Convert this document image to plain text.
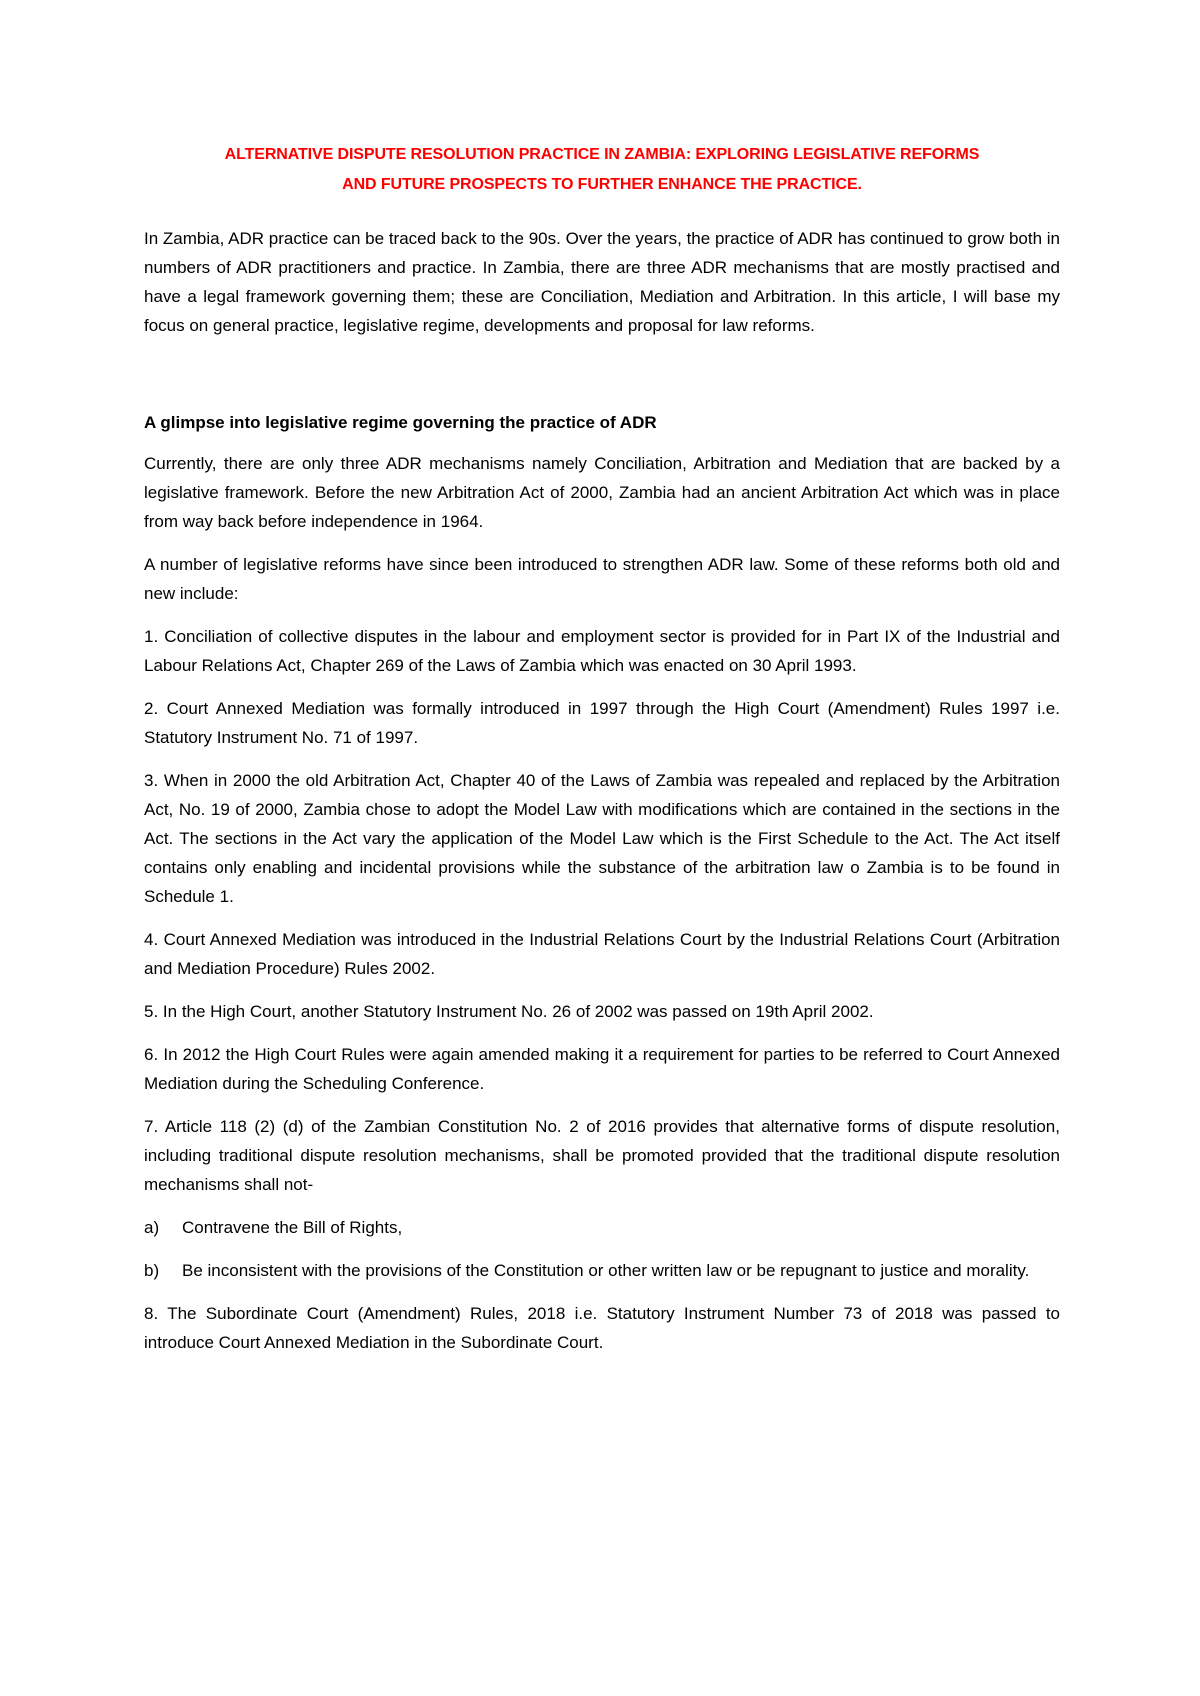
ALTERNATIVE DISPUTE RESOLUTION PRACTICE IN ZAMBIA: EXPLORING LEGISLATIVE REFORMS
AND FUTURE PROSPECTS TO FURTHER ENHANCE THE PRACTICE.

In Zambia, ADR practice can be traced back to the 90s. Over the years, the practice of ADR has continued to grow both in numbers of ADR practitioners and practice. In Zambia, there are three ADR mechanisms that are mostly practised and have a legal framework governing them; these are Conciliation, Mediation and Arbitration. In this article, I will base my focus on general practice, legislative regime, developments and proposal for law reforms.

A glimpse into legislative regime governing the practice of ADR

Currently, there are only three ADR mechanisms namely Conciliation, Arbitration and Mediation that are backed by a legislative framework. Before the new Arbitration Act of 2000, Zambia had an ancient Arbitration Act which was in place from way back before independence in 1964.

A number of legislative reforms have since been introduced to strengthen ADR law. Some of these reforms both old and new include:

1. Conciliation of collective disputes in the labour and employment sector is provided for in Part IX of the Industrial and Labour Relations Act, Chapter 269 of the Laws of Zambia which was enacted on 30 April 1993.

2. Court Annexed Mediation was formally introduced in 1997 through the High Court (Amendment) Rules 1997 i.e. Statutory Instrument No. 71 of 1997.

3. When in 2000 the old Arbitration Act, Chapter 40 of the Laws of Zambia was repealed and replaced by the Arbitration Act, No. 19 of 2000, Zambia chose to adopt the Model Law with modifications which are contained in the sections in the Act. The sections in the Act vary the application of the Model Law which is the First Schedule to the Act. The Act itself contains only enabling and incidental provisions while the substance of the arbitration law o Zambia is to be found in Schedule 1.

4. Court Annexed Mediation was introduced in the Industrial Relations Court by the Industrial Relations Court (Arbitration and Mediation Procedure) Rules 2002.

5. In the High Court, another Statutory Instrument No. 26 of 2002 was passed on 19th April 2002.

6. In 2012 the High Court Rules were again amended making it a requirement for parties to be referred to Court Annexed Mediation during the Scheduling Conference.

7. Article 118 (2) (d) of the Zambian Constitution No. 2 of 2016 provides that alternative forms of dispute resolution, including traditional dispute resolution mechanisms, shall be promoted provided that the traditional dispute resolution mechanisms shall not-

a)	Contravene the Bill of Rights,
b)	Be inconsistent with the provisions of the Constitution or other written law or be repugnant to justice and morality.

8. The Subordinate Court (Amendment) Rules, 2018 i.e. Statutory Instrument Number 73 of 2018 was passed to introduce Court Annexed Mediation in the Subordinate Court.
